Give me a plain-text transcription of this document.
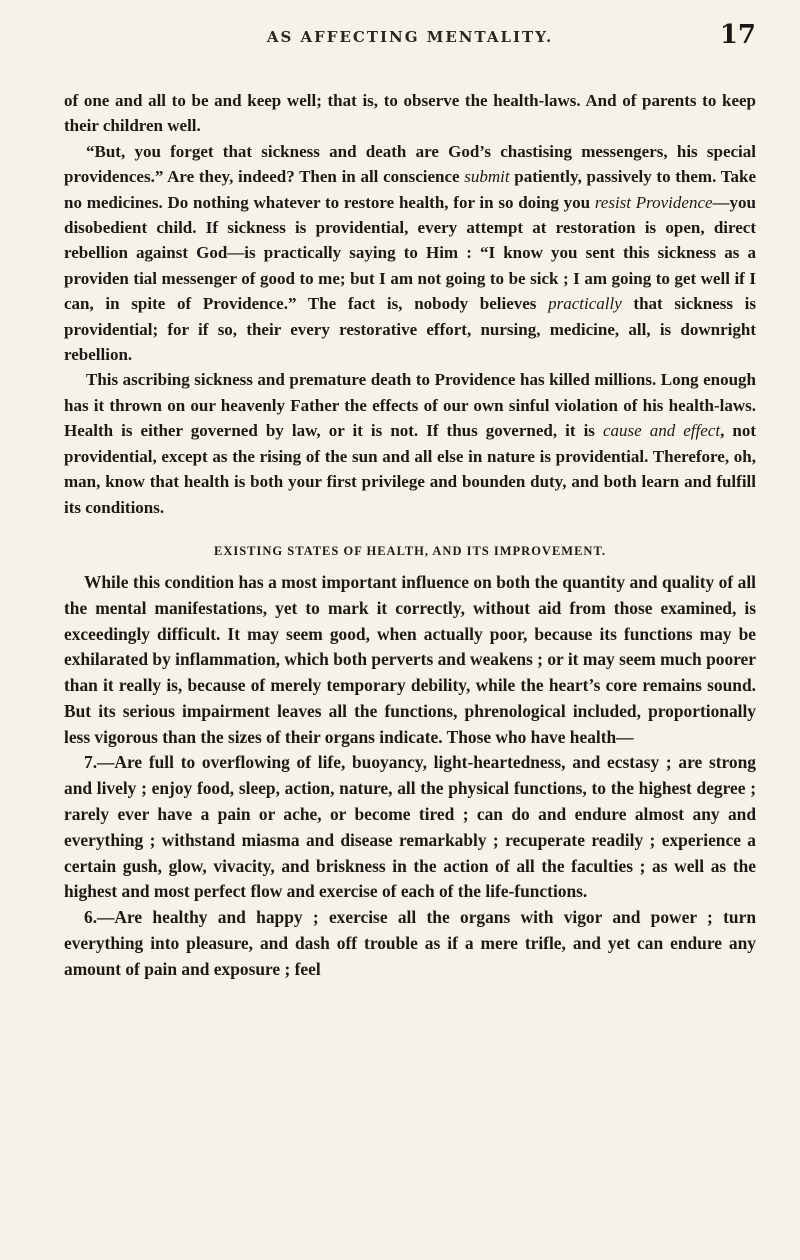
AS AFFECTING MENTALITY.	17

of one and all to be and keep well; that is, to observe the health-laws. And of parents to keep their children well.

“But, you forget that sickness and death are God’s chastising messengers, his special providences.” Are they, indeed? Then in all conscience submit patiently, passively to them. Take no medicines. Do nothing whatever to restore health, for in so doing you resist Providence—you disobedient child. If sickness is providential, every attempt at restoration is open, direct rebellion against God—is practically saying to Him : “I know you sent this sickness as a providen tial messenger of good to me; but I am not going to be sick ; I am going to get well if I can, in spite of Providence.” The fact is, nobody believes practically that sickness is providential; for if so, their every restorative effort, nursing, medicine, all, is downright rebellion.

This ascribing sickness and premature death to Providence has killed millions. Long enough has it thrown on our heavenly Father the effects of our own sinful violation of his health-laws. Health is either governed by law, or it is not. If thus governed, it is cause and effect, not providential, except as the rising of the sun and all else in nature is providential. Therefore, oh, man, know that health is both your first privilege and bounden duty, and both learn and fulfill its conditions.

EXISTING STATES OF HEALTH, AND ITS IMPROVEMENT.

While this condition has a most important influence on both the quantity and quality of all the mental manifestations, yet to mark it correctly, without aid from those examined, is exceedingly difficult. It may seem good, when actually poor, because its functions may be exhilarated by inflammation, which both perverts and weakens ; or it may seem much poorer than it really is, because of merely temporary debility, while the heart’s core remains sound. But its serious impairment leaves all the functions, phrenological included, proportionally less vigorous than the sizes of their organs indicate. Those who have health—

7.—Are full to overflowing of life, buoyancy, light-heartedness, and ecstasy ; are strong and lively ; enjoy food, sleep, action, nature, all the physical functions, to the highest degree ; rarely ever have a pain or ache, or become tired ; can do and endure almost any and everything ; withstand miasma and disease remarkably ; recuperate readily ; experience a certain gush, glow, vivacity, and briskness in the action of all the faculties ; as well as the highest and most perfect flow and exercise of each of the life-functions.

6.—Are healthy and happy ; exercise all the organs with vigor and power ; turn everything into pleasure, and dash off trouble as if a mere trifle, and yet can endure any amount of pain and exposure ; feel
